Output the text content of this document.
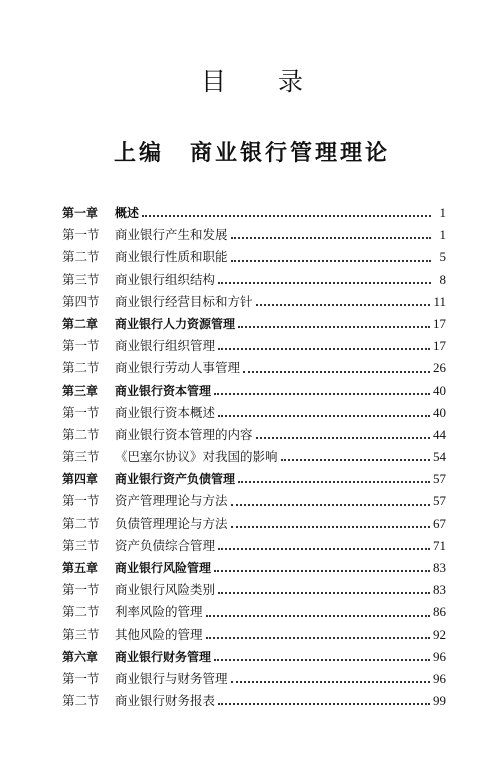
目录
上编 商业银行管理理论
第一章	概述	1
第一节	商业银行产生和发展	1
第二节	商业银行性质和职能	5
第三节	商业银行组织结构	8
第四节	商业银行经营目标和方针	11
第二章	商业银行人力资源管理	17
第一节	商业银行组织管理	17
第二节	商业银行劳动人事管理	26
第三章	商业银行资本管理	40
第一节	商业银行资本概述	40
第二节	商业银行资本管理的内容	44
第三节	《巴塞尔协议》对我国的影响	54
第四章	商业银行资产负债管理	57
第一节	资产管理理论与方法	57
第二节	负债管理理论与方法	67
第三节	资产负债综合管理	71
第五章	商业银行风险管理	83
第一节	商业银行风险类别	83
第二节	利率风险的管理	86
第三节	其他风险的管理	92
第六章	商业银行财务管理	96
第一节	商业银行与财务管理	96
第二节	商业银行财务报表	99
